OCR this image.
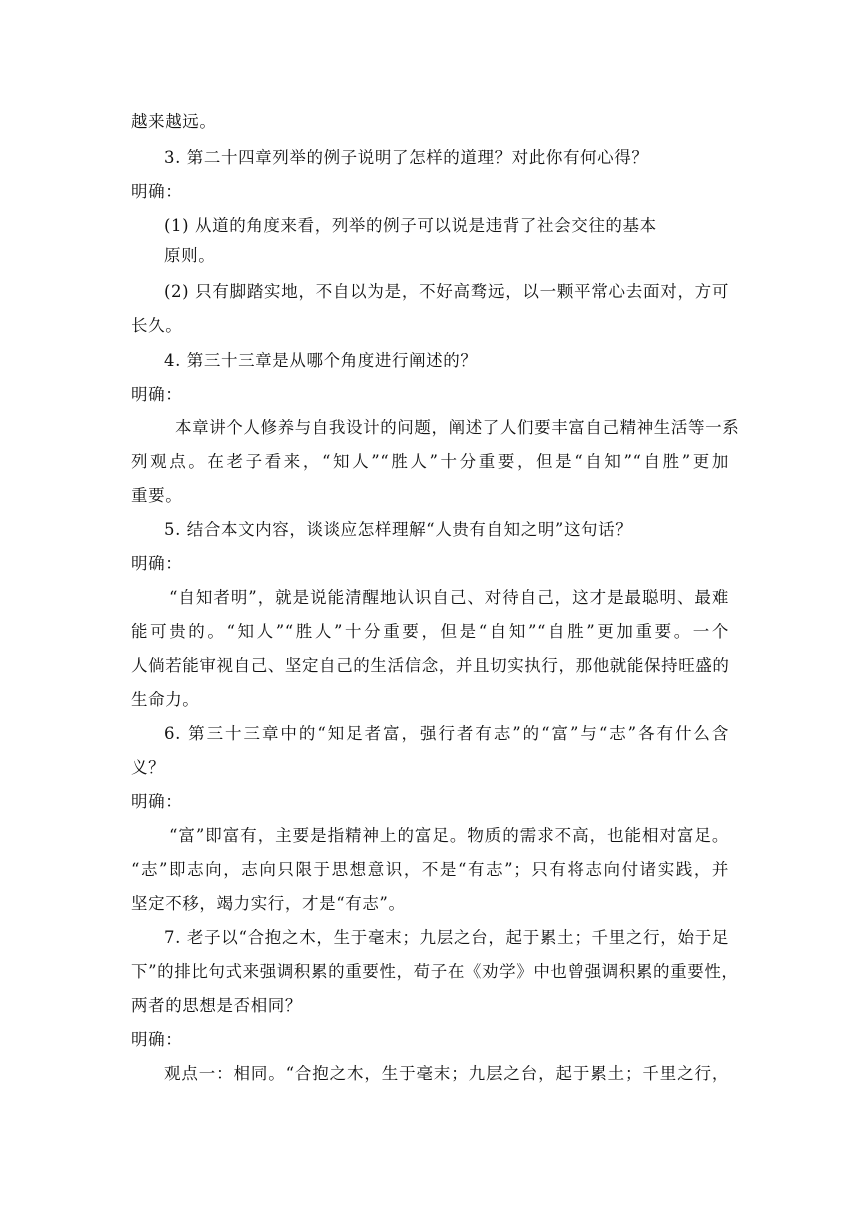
越来越远。
3. 第二十四章列举的例子说明了怎样的道理？对此你有何心得？
明确：
(1) 从道的角度来看，列举的例子可以说是违背了社会交往的基本
原则。
(2) 只有脚踏实地，不自以为是，不好高骛远，以一颗平常心去面对，方可
长久。
4. 第三十三章是从哪个角度进行阐述的？
明确：
本章讲个人修养与自我设计的问题，阐述了人们要丰富自己精神生活等一系
列观点。在老子看来，“知人”“胜人”十分重要，但是“自知”“自胜”更加
重要。
5. 结合本文内容，谈谈应怎样理解“人贵有自知之明”这句话？
明确：
“自知者明”，就是说能清醒地认识自己、对待自己，这才是最聪明、最难
能可贵的。“知人”“胜人”十分重要，但是“自知”“自胜”更加重要。一个
人倘若能审视自己、坚定自己的生活信念，并且切实执行，那他就能保持旺盛的
生命力。
6. 第三十三章中的“知足者富，强行者有志”的“富”与“志”各有什么含
义？
明确：
“富”即富有，主要是指精神上的富足。物质的需求不高，也能相对富足。
“志”即志向，志向只限于思想意识，不是“有志”；只有将志向付诸实践，并
坚定不移，竭力实行，才是“有志”。
7. 老子以“合抱之木，生于毫末；九层之台，起于累土；千里之行，始于足
下”的排比句式来强调积累的重要性，荀子在《劝学》中也曾强调积累的重要性，
两者的思想是否相同？
明确：
观点一：相同。“合抱之木，生于毫末；九层之台，起于累土；千里之行，
